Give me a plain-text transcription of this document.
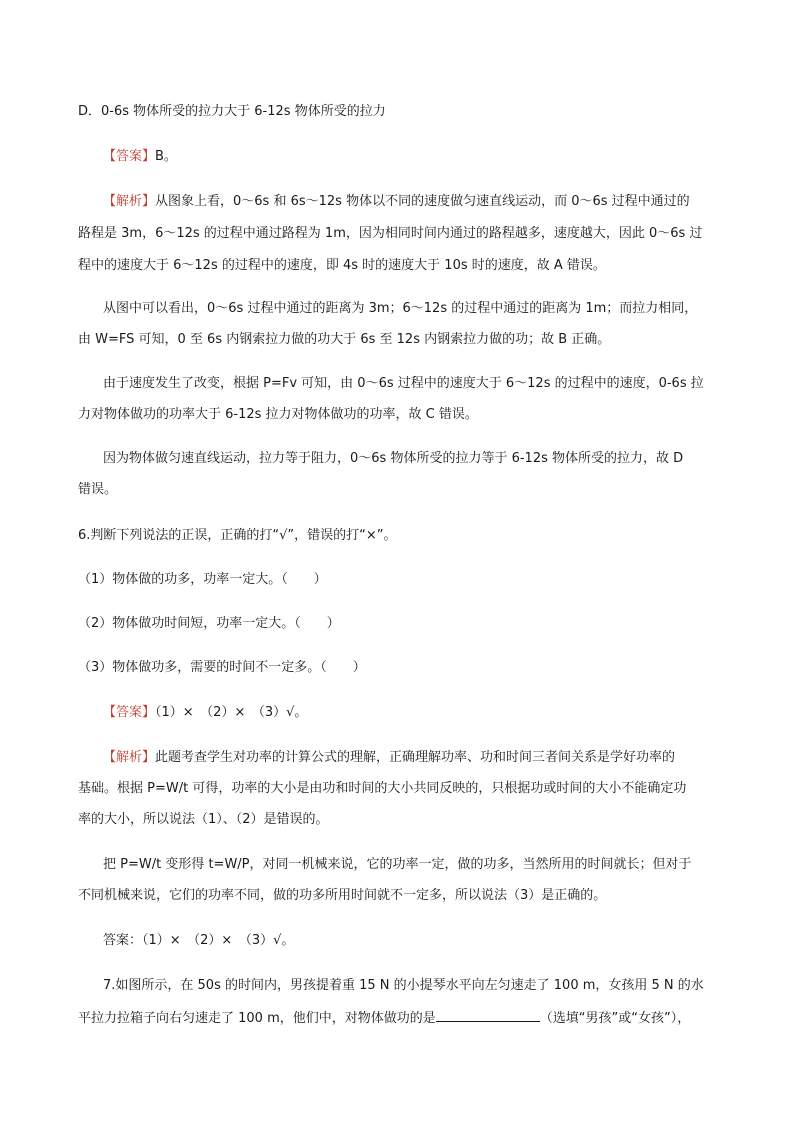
D．0-6s 物体所受的拉力大于 6-12s 物体所受的拉力
【答案】B。
【解析】从图象上看，0～6s 和 6s～12s 物体以不同的速度做匀速直线运动，而 0～6s 过程中通过的
路程是 3m，6～12s 的过程中通过路程为 1m，因为相同时间内通过的路程越多，速度越大，因此 0～6s 过
程中的速度大于 6～12s 的过程中的速度，即 4s 时的速度大于 10s 时的速度，故 A 错误。
从图中可以看出，0～6s 过程中通过的距离为 3m；6～12s 的过程中通过的距离为 1m；而拉力相同，
由 W=FS 可知，0 至 6s 内钢索拉力做的功大于 6s 至 12s 内钢索拉力做的功；故 B 正确。
由于速度发生了改变，根据 P=Fv 可知，由 0～6s 过程中的速度大于 6～12s 的过程中的速度，0-6s 拉
力对物体做功的功率大于 6-12s 拉力对物体做功的功率，故 C 错误。
因为物体做匀速直线运动，拉力等于阻力，0～6s 物体所受的拉力等于 6-12s 物体所受的拉力，故 D
错误。
6.判断下列说法的正误，正确的打“√”，错误的打“×”。
（1）物体做的功多，功率一定大。（　　）
（2）物体做功时间短，功率一定大。（　　）
（3）物体做功多，需要的时间不一定多。（　　）
【答案】（1）×　（2）×　（3）√。
【解析】此题考查学生对功率的计算公式的理解，正确理解功率、功和时间三者间关系是学好功率的
基础。根据 P=W/t 可得，功率的大小是由功和时间的大小共同反映的，只根据功或时间的大小不能确定功
率的大小，所以说法（1）、（2）是错误的。
把 P=W/t 变形得 t=W/P，对同一机械来说，它的功率一定，做的功多，当然所用的时间就长；但对于
不同机械来说，它们的功率不同，做的功多所用时间就不一定多，所以说法（3）是正确的。
答案：（1）×　（2）×　（3）√。
7.如图所示，在 50s 的时间内，男孩提着重 15 N 的小提琴水平向左匀速走了 100 m，女孩用 5 N 的水
平拉力拉箱子向右匀速走了 100 m，他们中，对物体做功的是	（选填“男孩”或“女孩”），
